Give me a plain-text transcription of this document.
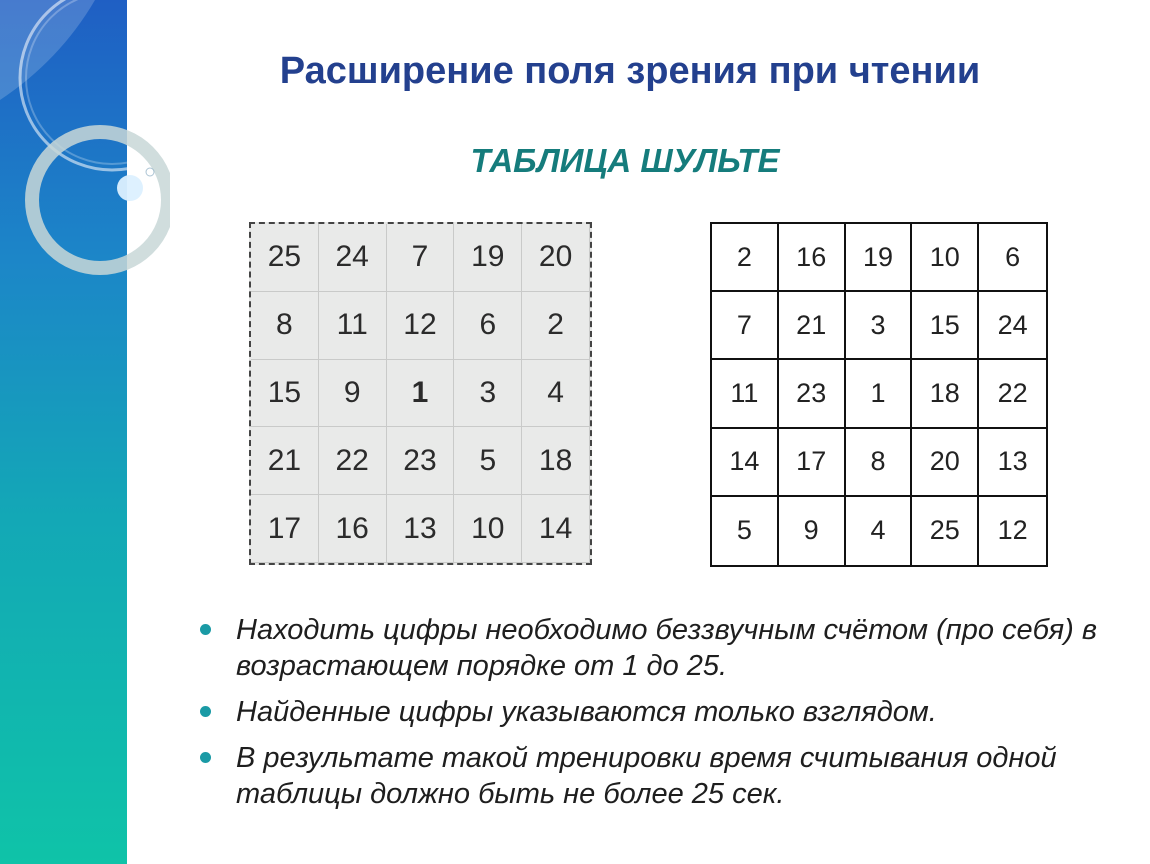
Расширение поля зрения при чтении
ТАБЛИЦА ШУЛЬТЕ
25	24	7	19	20
8	11	12	6	2
15	9	1	3	4
21	22	23	5	18
17	16	13	10	14
2	16	19	10	6
7	21	3	15	24
11	23	1	18	22
14	17	8	20	13
5	9	4	25	12
Находить цифры необходимо беззвучным счётом (про себя) в возрастающем порядке от 1 до 25.
Найденные цифры указываются только взглядом.
В результате такой тренировки время считывания одной таблицы должно быть не более 25 сек.
